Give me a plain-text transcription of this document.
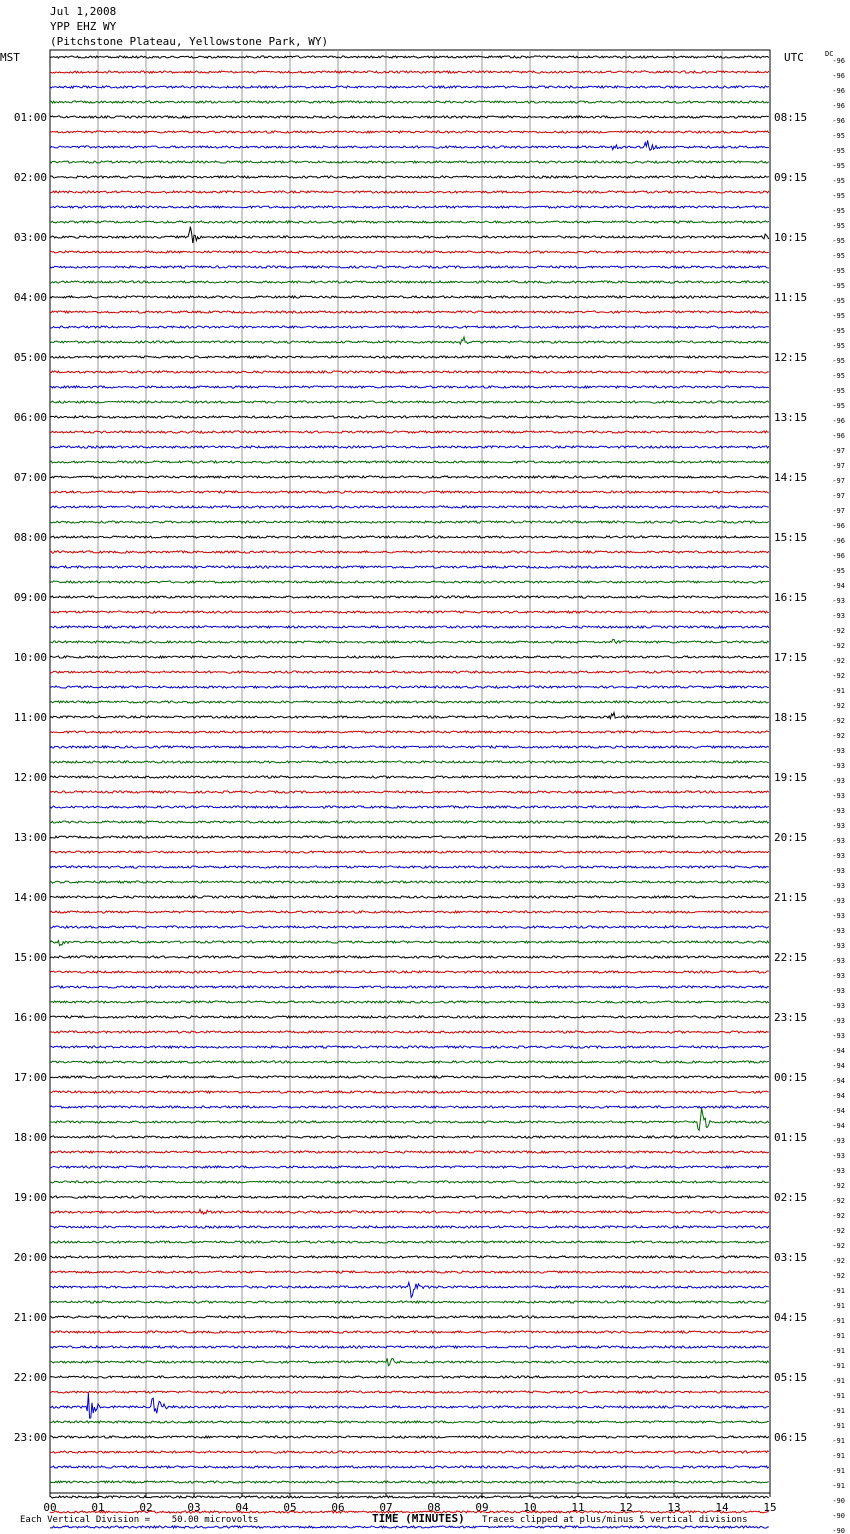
Jul 1,2008
YPP EHZ WY
(Pitchstone Plateau, Yellowstone Park, WY)
00	01	02	03	04	05	06	07	08	09	10	11	12	13	14	15
-96
-96
-96
-96
-96
-95
-95
-95
-95
-95
-95
-95
-95
-95
-95
-95
-95
-95
-95
-95
-95
-95
-95
-95
-96
-96
-97
-97
-97
-97
-97
-96
-96
-96
-95
-94
-93
-93
-92
-92
-92
-92
-91
-92
-92
-92
-93
-93
-93
-93
-93
-93
-93
-93
-93
-93
-93
-93
-93
-93
-93
-93
-93
-93
-93
-93
-94
-94
-94
-94
-94
-94
-93
-93
-93
-92
-92
-92
-92
-92
-92
-92
-91
-91
-91
-91
-91
-91
-91
-91
-91
-91
-91
-91
-91
-91
-90
-90
-90
01:00
02:00
03:00
04:00
05:00
06:00
07:00
08:00
09:00
10:00
11:00
12:00
13:00
14:00
15:00
16:00
17:00
18:00
19:00
20:00
21:00
22:00
23:00
08:15
09:15
10:15
11:15
12:15
13:15
14:15
15:15
16:15
17:15
18:15
19:15
20:15
21:15
22:15
23:15
00:15
01:15
02:15
03:15
04:15
05:15
06:15
MST	UTC	DC
Each Vertical Division =    50.00 microvolts	TIME (MINUTES) Traces clipped at plus/minus 5 vertical divisions
